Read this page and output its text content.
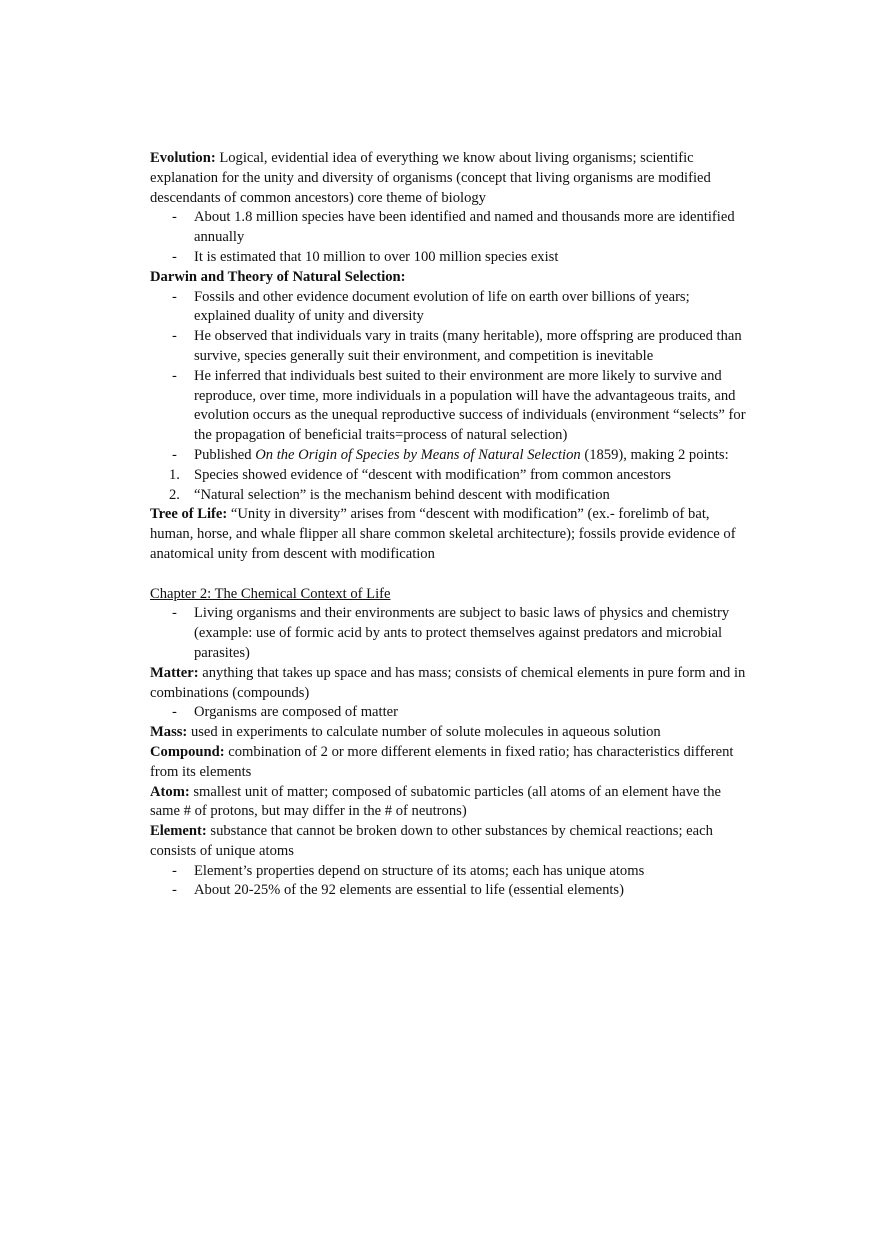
Evolution: Logical, evidential idea of everything we know about living organisms; scientific explanation for the unity and diversity of organisms (concept that living organisms are modified descendants of common ancestors) core theme of biology

- About 1.8 million species have been identified and named and thousands more are identified annually
- It is estimated that 10 million to over 100 million species exist

Darwin and Theory of Natural Selection:

- Fossils and other evidence document evolution of life on earth over billions of years; explained duality of unity and diversity
- He observed that individuals vary in traits (many heritable), more offspring are produced than survive, species generally suit their environment, and competition is inevitable
- He inferred that individuals best suited to their environment are more likely to survive and reproduce, over time, more individuals in a population will have the advantageous traits, and evolution occurs as the unequal reproductive success of individuals (environment “selects” for the propagation of beneficial traits=process of natural selection)
- Published On the Origin of Species by Means of Natural Selection (1859), making 2 points:
1. Species showed evidence of “descent with modification” from common ancestors
2. “Natural selection” is the mechanism behind descent with modification

Tree of Life: “Unity in diversity” arises from “descent with modification” (ex.- forelimb of bat, human, horse, and whale flipper all share common skeletal architecture); fossils provide evidence of anatomical unity from descent with modification

Chapter 2: The Chemical Context of Life

- Living organisms and their environments are subject to basic laws of physics and chemistry (example: use of formic acid by ants to protect themselves against predators and microbial parasites)

Matter: anything that takes up space and has mass; consists of chemical elements in pure form and in combinations (compounds)

- Organisms are composed of matter

Mass: used in experiments to calculate number of solute molecules in aqueous solution

Compound: combination of 2 or more different elements in fixed ratio; has characteristics different from its elements

Atom: smallest unit of matter; composed of subatomic particles (all atoms of an element have the same # of protons, but may differ in the # of neutrons)

Element: substance that cannot be broken down to other substances by chemical reactions; each consists of unique atoms

- Element’s properties depend on structure of its atoms; each has unique atoms
- About 20-25% of the 92 elements are essential to life (essential elements)
